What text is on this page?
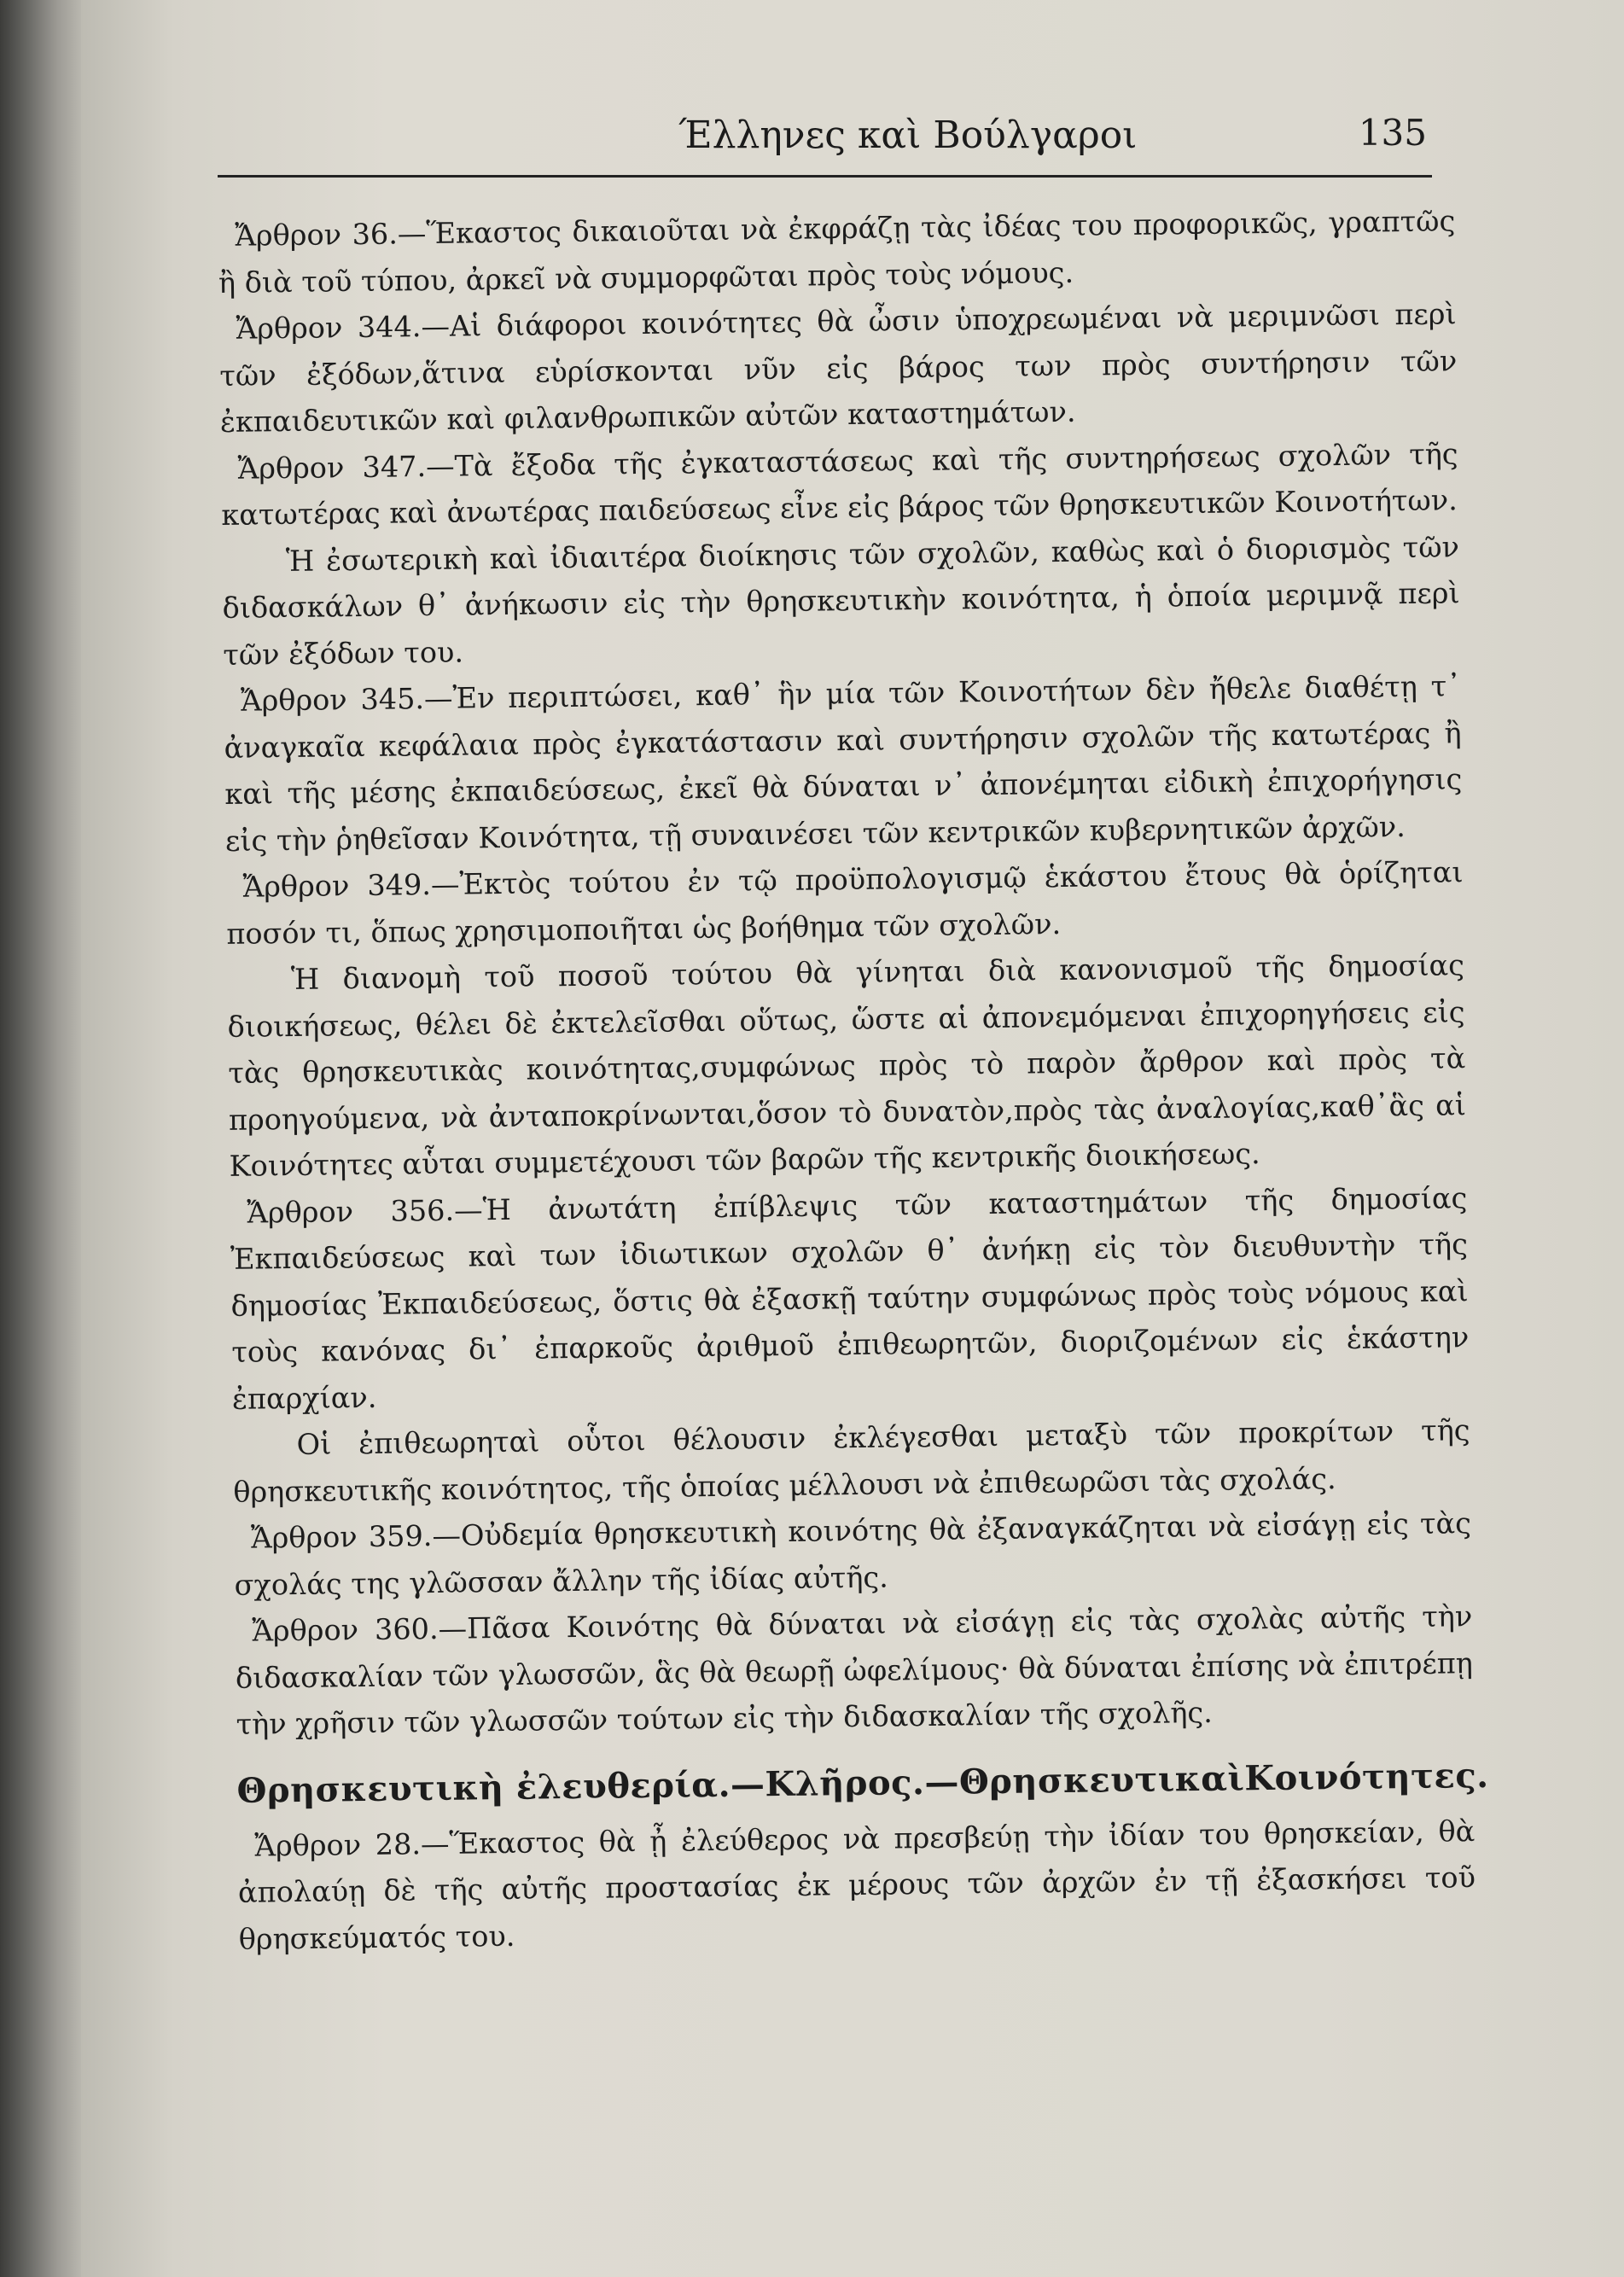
Έλληνες καὶ Βούλγαροι	135

Ἄρθρον 36.—Ἕκαστος δικαιοῦται νὰ ἐκφράζῃ τὰς ἰδέας του προφορικῶς, γραπτῶς ἢ διὰ τοῦ τύπου, ἀρκεῖ νὰ συμμορφῶται πρὸς τοὺς νόμους.

Ἄρθρον 344.—Αἱ διάφοροι κοινότητες θὰ ὦσιν ὑποχρεωμέναι νὰ μεριμνῶσι περὶ τῶν ἐξόδων,ἅτινα εὑρίσκονται νῦν εἰς βάρος των πρὸς συντήρησιν τῶν ἐκπαιδευτικῶν καὶ φιλανθρωπικῶν αὐτῶν καταστημάτων.

Ἄρθρον 347.—Τὰ ἔξοδα τῆς ἐγκαταστάσεως καὶ τῆς συντηρήσεως σχολῶν τῆς κατωτέρας καὶ ἀνωτέρας παιδεύσεως εἶνε εἰς βάρος τῶν θρησκευτικῶν Κοινοτήτων.

Ἡ ἐσωτερικὴ καὶ ἰδιαιτέρα διοίκησις τῶν σχολῶν, καθὼς καὶ ὁ διορισμὸς τῶν διδασκάλων θ᾽ ἀνήκωσιν εἰς τὴν θρησκευτικὴν κοινότητα, ἡ ὁποία μεριμνᾷ περὶ τῶν ἐξόδων του.

Ἄρθρον 345.—Ἐν περιπτώσει, καθ᾽ ἣν μία τῶν Κοινοτήτων δὲν ἤθελε διαθέτῃ τ᾽ ἀναγκαῖα κεφάλαια πρὸς ἐγκατάστασιν καὶ συντήρησιν σχολῶν τῆς κατωτέρας ἢ καὶ τῆς μέσης ἐκπαιδεύσεως, ἐκεῖ θὰ δύναται ν᾽ ἀπονέμηται εἰδικὴ ἐπιχορήγησις εἰς τὴν ῥηθεῖσαν Κοινότητα, τῇ συναινέσει τῶν κεντρικῶν κυβερνητικῶν ἀρχῶν.

Ἄρθρον 349.—Ἐκτὸς τούτου ἐν τῷ προϋπολογισμῷ ἑκάστου ἔτους θὰ ὁρίζηται ποσόν τι, ὅπως χρησιμοποιῆται ὡς βοήθημα τῶν σχολῶν.

Ἡ διανομὴ τοῦ ποσοῦ τούτου θὰ γίνηται διὰ κανονισμοῦ τῆς δημοσίας διοικήσεως, θέλει δὲ ἐκτελεῖσθαι οὕτως, ὥστε αἱ ἀπονεμόμεναι ἐπιχορηγήσεις εἰς τὰς θρησκευτικὰς κοινότητας,συμφώνως πρὸς τὸ παρὸν ἄρθρον καὶ πρὸς τὰ προηγούμενα, νὰ ἀνταποκρίνωνται,ὅσον τὸ δυνατὸν,πρὸς τὰς ἀναλογίας,καθ᾽ἃς αἱ Κοινότητες αὗται συμμετέχουσι τῶν βαρῶν τῆς κεντρικῆς διοικήσεως.

Ἄρθρον 356.—Ἡ ἀνωτάτη ἐπίβλεψις τῶν καταστημάτων τῆς δημοσίας Ἐκπαιδεύσεως καὶ των ἰδιωτικων σχολῶν θ᾽ ἀνήκῃ εἰς τὸν διευθυντὴν τῆς δημοσίας Ἐκπαιδεύσεως, ὅστις θὰ ἐξασκῇ ταύτην συμφώνως πρὸς τοὺς νόμους καὶ τοὺς κανόνας δι᾽ ἐπαρκοῦς ἀριθμοῦ ἐπιθεωρητῶν, διοριζομένων εἰς ἑκάστην ἐπαρχίαν.

Οἱ ἐπιθεωρηταὶ οὗτοι θέλουσιν ἐκλέγεσθαι μεταξὺ τῶν προκρίτων τῆς θρησκευτικῆς κοινότητος, τῆς ὁποίας μέλλουσι νὰ ἐπιθεωρῶσι τὰς σχολάς.

Ἄρθρον 359.—Οὐδεμία θρησκευτικὴ κοινότης θὰ ἐξαναγκάζηται νὰ εἰσάγῃ εἰς τὰς σχολάς της γλῶσσαν ἄλλην τῆς ἰδίας αὐτῆς.

Ἄρθρον 360.—Πᾶσα Κοινότης θὰ δύναται νὰ εἰσάγῃ εἰς τὰς σχολὰς αὐτῆς τὴν διδασκαλίαν τῶν γλωσσῶν, ἃς θὰ θεωρῇ ὠφελίμους· θὰ δύναται ἐπίσης νὰ ἐπιτρέπῃ τὴν χρῆσιν τῶν γλωσσῶν τούτων εἰς τὴν διδασκαλίαν τῆς σχολῆς.

Θρησκευτικὴ ἐλευθερία.—Κλῆρος.—ΘρησκευτικαὶΚοινότητες.

Ἄρθρον 28.—Ἕκαστος θὰ ᾖ ἐλεύθερος νὰ πρεσβεύῃ τὴν ἰδίαν του θρησκείαν, θὰ ἀπολαύῃ δὲ τῆς αὐτῆς προστασίας ἐκ μέρους τῶν ἀρχῶν ἐν τῇ ἐξασκήσει τοῦ θρησκεύματός του.
